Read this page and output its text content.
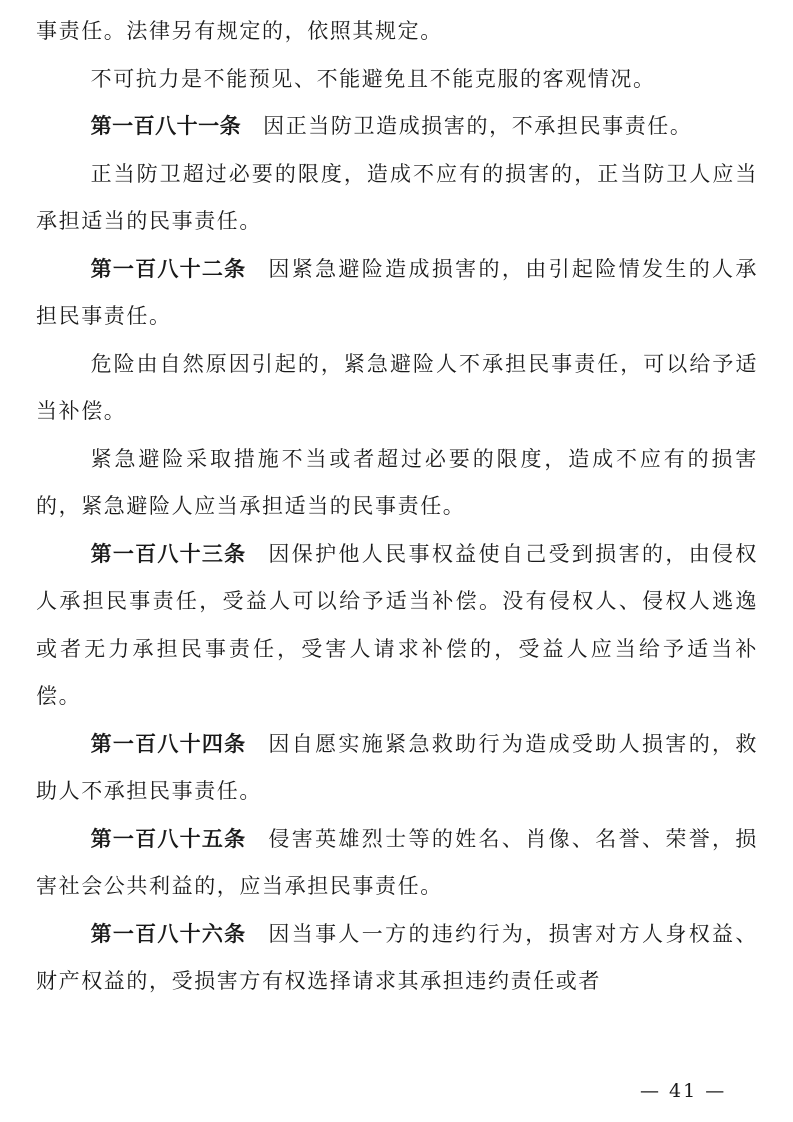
事责任。法律另有规定的，依照其规定。

不可抗力是不能预见、不能避免且不能克服的客观情况。

第一百八十一条 因正当防卫造成损害的，不承担民事责任。

正当防卫超过必要的限度，造成不应有的损害的，正当防卫人应当承担适当的民事责任。

第一百八十二条 因紧急避险造成损害的，由引起险情发生的人承担民事责任。

危险由自然原因引起的，紧急避险人不承担民事责任，可以给予适当补偿。

紧急避险采取措施不当或者超过必要的限度，造成不应有的损害的，紧急避险人应当承担适当的民事责任。

第一百八十三条 因保护他人民事权益使自己受到损害的，由侵权人承担民事责任，受益人可以给予适当补偿。没有侵权人、侵权人逃逸或者无力承担民事责任，受害人请求补偿的，受益人应当给予适当补偿。

第一百八十四条 因自愿实施紧急救助行为造成受助人损害的，救助人不承担民事责任。

第一百八十五条 侵害英雄烈士等的姓名、肖像、名誉、荣誉，损害社会公共利益的，应当承担民事责任。

第一百八十六条 因当事人一方的违约行为，损害对方人身权益、财产权益的，受损害方有权选择请求其承担违约责任或者

— 41 —
